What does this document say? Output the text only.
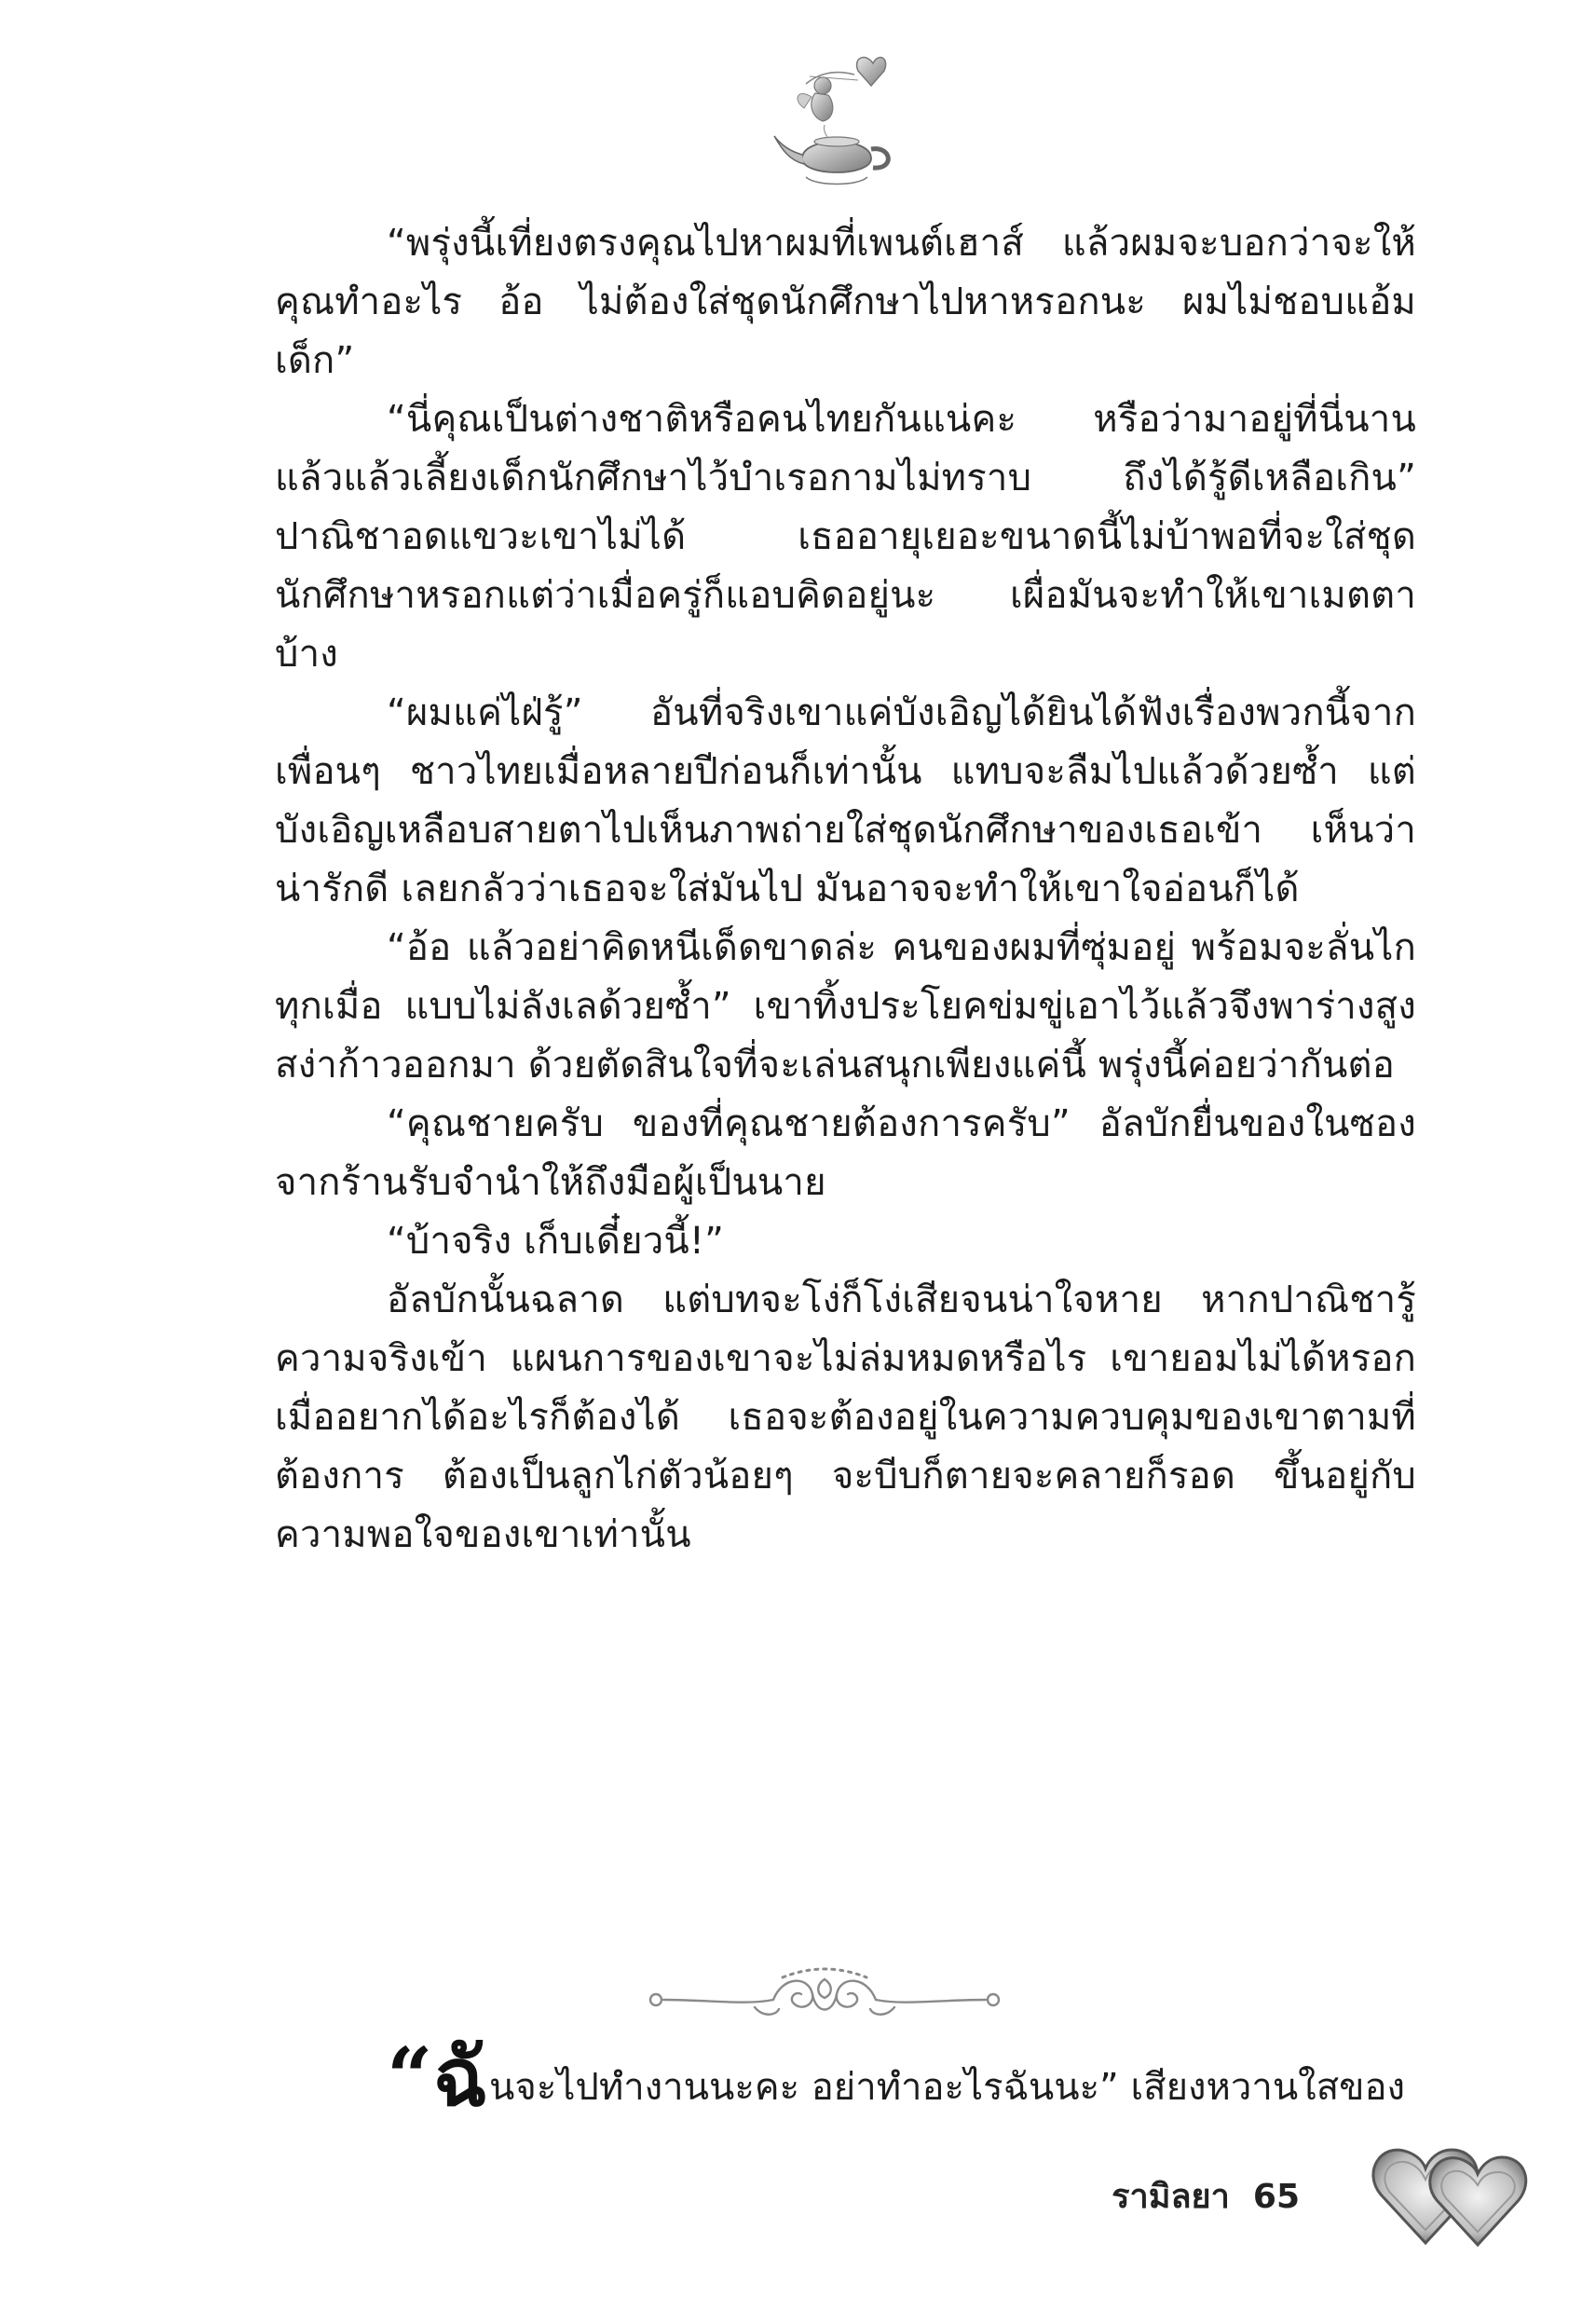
“พรุ่งนี้เที่ยงตรงคุณไปหาผมที่เพนต์เฮาส์ แล้วผมจะบอกว่าจะให้คุณทำอะไร อ้อ ไม่ต้องใส่ชุดนักศึกษาไปหาหรอกนะ ผมไม่ชอบแอ้มเด็ก”

“นี่คุณเป็นต่างชาติหรือคนไทยกันแน่คะ หรือว่ามาอยู่ที่นี่นานแล้วแล้วเลี้ยงเด็กนักศึกษาไว้บำเรอกามไม่ทราบ ถึงได้รู้ดีเหลือเกิน” ปาณิชาอดแขวะเขาไม่ได้ เธออายุเยอะขนาดนี้ไม่บ้าพอที่จะใส่ชุดนักศึกษาหรอกแต่ว่าเมื่อครู่ก็แอบคิดอยู่นะ เผื่อมันจะทำให้เขาเมตตาบ้าง

“ผมแค่ไฝ่รู้” อันที่จริงเขาแค่บังเอิญได้ยินได้ฟังเรื่องพวกนี้จากเพื่อนๆ ชาวไทยเมื่อหลายปีก่อนก็เท่านั้น แทบจะลืมไปแล้วด้วยซ้ำ แต่บังเอิญเหลือบสายตาไปเห็นภาพถ่ายใส่ชุดนักศึกษาของเธอเข้า เห็นว่าน่ารักดี เลยกลัวว่าเธอจะใส่มันไป มันอาจจะทำให้เขาใจอ่อนก็ได้

“อ้อ แล้วอย่าคิดหนีเด็ดขาดล่ะ คนของผมที่ซุ่มอยู่ พร้อมจะลั่นไกทุกเมื่อ แบบไม่ลังเลด้วยซ้ำ” เขาทิ้งประโยคข่มขู่เอาไว้แล้วจึงพาร่างสูงสง่าก้าวออกมา ด้วยตัดสินใจที่จะเล่นสนุกเพียงแค่นี้ พรุ่งนี้ค่อยว่ากันต่อ

“คุณชายครับ ของที่คุณชายต้องการครับ” อัลบักยื่นของในซองจากร้านรับจำนำให้ถึงมือผู้เป็นนาย

“บ้าจริง เก็บเดี๋ยวนี้!”

อัลบักนั้นฉลาด แต่บทจะโง่ก็โง่เสียจนน่าใจหาย หากปาณิชารู้ความจริงเข้า แผนการของเขาจะไม่ล่มหมดหรือไร เขายอมไม่ได้หรอกเมื่ออยากได้อะไรก็ต้องได้ เธอจะต้องอยู่ในความควบคุมของเขาตามที่ต้องการ ต้องเป็นลูกไก่ตัวน้อยๆ จะบีบก็ตายจะคลายก็รอด ขึ้นอยู่กับความพอใจของเขาเท่านั้น

“ฉันจะไปทำงานนะคะ อย่าทำอะไรฉันนะ” เสียงหวานใสของ
รามิลยา 65
